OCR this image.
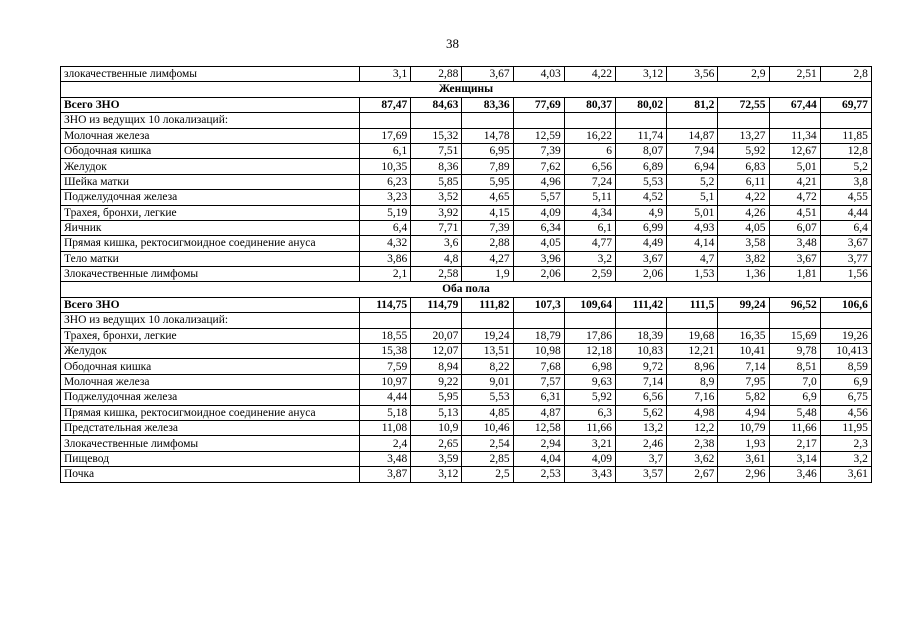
38
злокачественные лимфомы	3,1	2,88	3,67	4,03	4,22	3,12	3,56	2,9	2,51	2,8

	Женщины									

Всего ЗНО	87,47	84,63	83,36	77,69	80,37	80,02	81,2	72,55	67,44	69,77
ЗНО из ведущих 10 локализаций:										
Молочная железа	17,69	15,32	14,78	12,59	16,22	11,74	14,87	13,27	11,34	11,85
Ободочная кишка	6,1	7,51	6,95	7,39	6	8,07	7,94	5,92	12,67	12,8
Желудок	10,35	8,36	7,89	7,62	6,56	6,89	6,94	6,83	5,01	5,2
Шейка матки	6,23	5,85	5,95	4,96	7,24	5,53	5,2	6,11	4,21	3,8
Поджелудочная железа	3,23	3,52	4,65	5,57	5,11	4,52	5,1	4,22	4,72	4,55
Трахея, бронхи, легкие	5,19	3,92	4,15	4,09	4,34	4,9	5,01	4,26	4,51	4,44
Яичник	6,4	7,71	7,39	6,34	6,1	6,99	4,93	4,05	6,07	6,4
Прямая кишка, ректосигмоидное соединение ануса	4,32	3,6	2,88	4,05	4,77	4,49	4,14	3,58	3,48	3,67
Тело матки	3,86	4,8	4,27	3,96	3,2	3,67	4,7	3,82	3,67	3,77
Злокачественные лимфомы	2,1	2,58	1,9	2,06	2,59	2,06	1,53	1,36	1,81	1,56

	Оба пола									

Всего ЗНО	114,75	114,79	111,82	107,3	109,64	111,42	111,5	99,24	96,52	106,6
ЗНО из ведущих 10 локализаций:										
Трахея, бронхи, легкие	18,55	20,07	19,24	18,79	17,86	18,39	19,68	16,35	15,69	19,26
Желудок	15,38	12,07	13,51	10,98	12,18	10,83	12,21	10,41	9,78	10,413
Ободочная кишка	7,59	8,94	8,22	7,68	6,98	9,72	8,96	7,14	8,51	8,59
Молочная железа	10,97	9,22	9,01	7,57	9,63	7,14	8,9	7,95	7,0	6,9
Поджелудочная железа	4,44	5,95	5,53	6,31	5,92	6,56	7,16	5,82	6,9	6,75
Прямая кишка, ректосигмоидное соединение ануса	5,18	5,13	4,85	4,87	6,3	5,62	4,98	4,94	5,48	4,56
Предстательная железа	11,08	10,9	10,46	12,58	11,66	13,2	12,2	10,79	11,66	11,95
Злокачественные лимфомы	2,4	2,65	2,54	2,94	3,21	2,46	2,38	1,93	2,17	2,3
Пищевод	3,48	3,59	2,85	4,04	4,09	3,7	3,62	3,61	3,14	3,2
Почка	3,87	3,12	2,5	2,53	3,43	3,57	2,67	2,96	3,46	3,61
